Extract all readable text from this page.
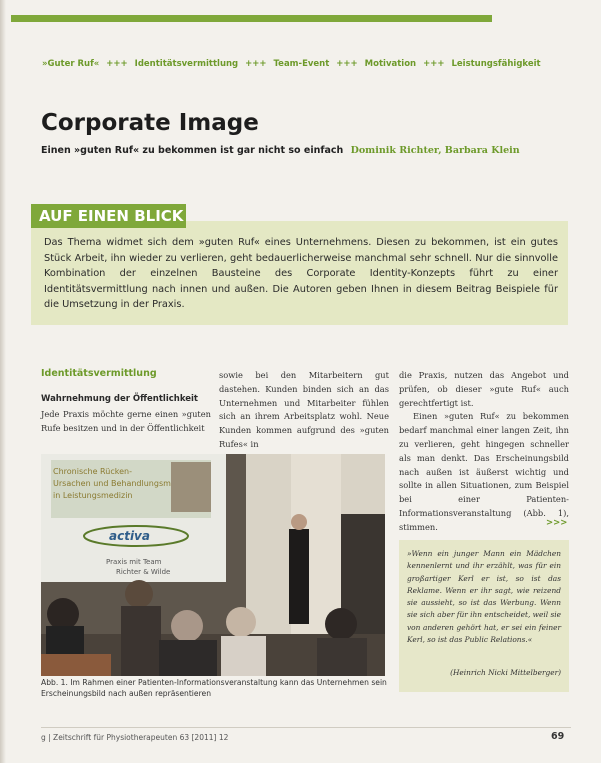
»Guter Ruf« +++ Identitätsvermittlung +++ Team-Event +++ Motivation +++ Leistungsfähigkeit
Corporate Image
Einen »guten Ruf« zu bekommen ist gar nicht so einfach Dominik Richter, Barbara Klein
AUF EINEN BLICK
Das Thema widmet sich dem »guten Ruf« eines Unternehmens. Diesen zu bekommen, ist ein gutes Stück Arbeit, ihn wieder zu verlieren, geht bedauerlicherweise manchmal sehr schnell. Nur die sinnvolle Kombination der einzelnen Bausteine des Corporate Identity-Konzepts führt zu einer Identitätsvermittlung nach innen und außen. Die Autoren geben Ihnen in diesem Beitrag Beispiele für die Umsetzung in der Praxis.
Identitätsvermittlung
Wahrnehmung der Öffentlichkeit
Jede Praxis möchte gerne einen »guten Rufe besitzen und in der Öffentlichkeit
sowie bei den Mitarbeitern gut dastehen. Kunden binden sich an das Unternehmen und Mitarbeiter fühlen sich an ihrem Arbeitsplatz wohl. Neue Kunden kommen aufgrund des »guten Rufes« in
die Praxis, nutzen das Angebot und prüfen, ob dieser »gute Ruf« auch gerechtfertigt ist.
Einen »guten Ruf« zu bekommen bedarf manchmal einer langen Zeit, ihn zu verlieren, geht hingegen schneller als man denkt. Das Erscheinungsbild nach außen ist äußerst wichtig und sollte in allen Situationen, zum Beispiel bei einer Patienten-Informationsveranstaltung (Abb. 1), stimmen.	>>>
Chronische Rücken-
Ursachen und Behandlungsm
in Leistungsmedizin
activa
Praxis mit Team
Richter & Wilde
Abb. 1. Im Rahmen einer Patienten-Informationsveranstaltung kann das Unternehmen sein Erscheinungsbild nach außen repräsentieren
»Wenn ein junger Mann ein Mädchen kennenlernt und ihr erzählt, was für ein großartiger Kerl er ist, so ist das Reklame. Wenn er ihr sagt, wie reizend sie aussieht, so ist das Werbung. Wenn sie sich aber für ihn entscheidet, weil sie von anderen gehört hat, er sei ein feiner Kerl, so ist das Public Relations.«
(Heinrich Nicki Mittelberger)
g | Zeitschrift für Physiotherapeuten 63 [2011] 12	69
